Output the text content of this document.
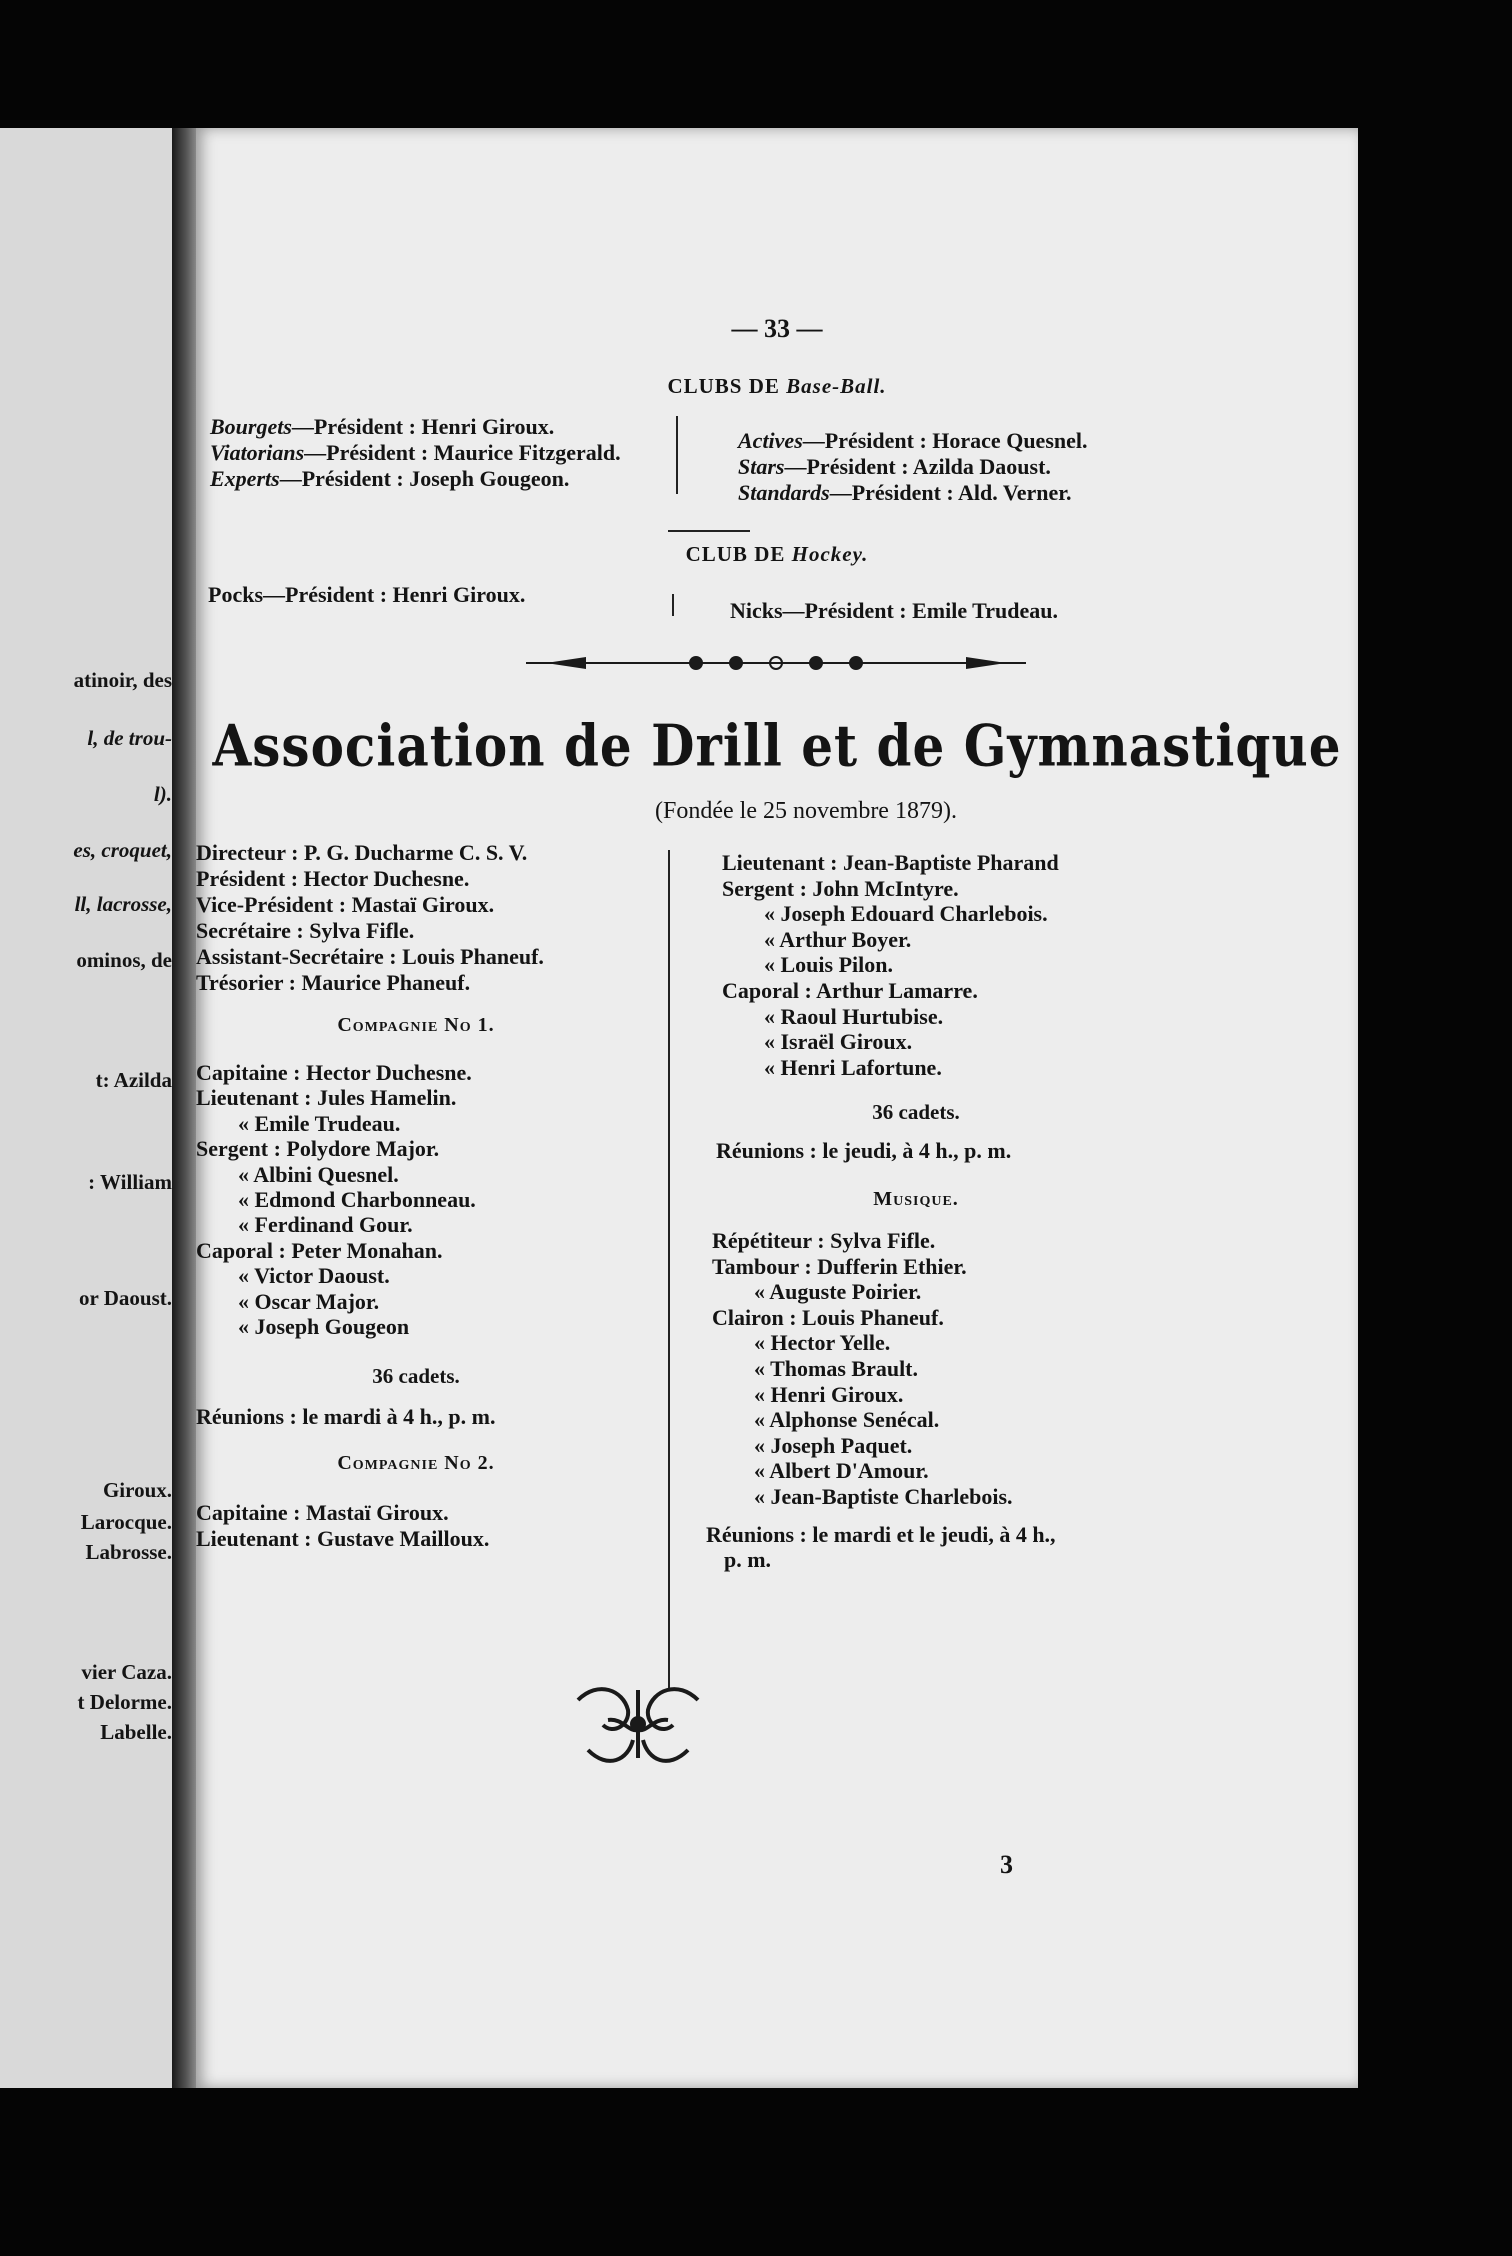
atinoir, des
l, de trou-
l).
es, croquet,
ll, lacrosse,
ominos, de
t: Azilda
: William
or Daoust.
Giroux.
Larocque.
Labrosse.
vier Caza.
t Delorme.
Labelle.
— 33 —
CLUBS DE Base-Ball.
Bourgets—Président : Henri Giroux.
Viatorians—Président : Maurice Fitzgerald.
Experts—Président : Joseph Gougeon.
Actives—Président : Horace Quesnel.
Stars—Président : Azilda Daoust.
Standards—Président : Ald. Verner.
CLUB DE Hockey.
Pocks—Président : Henri Giroux.
Nicks—Président : Emile Trudeau.
Association de Drill et de Gymnastique
(Fondée le 25 novembre 1879).
Directeur : P. G. Ducharme C. S. V.
Président : Hector Duchesne.
Vice-Président : Mastaï Giroux.
Secrétaire : Sylva Fifle.
Assistant-Secrétaire : Louis Phaneuf.
Trésorier : Maurice Phaneuf.
Compagnie No 1.
Capitaine : Hector Duchesne.
Lieutenant : Jules Hamelin.
« Emile Trudeau.
Sergent : Polydore Major.
« Albini Quesnel.
« Edmond Charbonneau.
« Ferdinand Gour.
Caporal : Peter Monahan.
« Victor Daoust.
« Oscar Major.
« Joseph Gougeon
36 cadets.
Réunions : le mardi à 4 h., p. m.
Compagnie No 2.
Capitaine : Mastaï Giroux.
Lieutenant : Gustave Mailloux.
Lieutenant : Jean-Baptiste Pharand
Sergent : John McIntyre.
« Joseph Edouard Charlebois.
« Arthur Boyer.
« Louis Pilon.
Caporal : Arthur Lamarre.
« Raoul Hurtubise.
« Israël Giroux.
« Henri Lafortune.
36 cadets.
Réunions : le jeudi, à 4 h., p. m.
Musique.
Répétiteur : Sylva Fifle.
Tambour : Dufferin Ethier.
« Auguste Poirier.
Clairon : Louis Phaneuf.
« Hector Yelle.
« Thomas Brault.
« Henri Giroux.
« Alphonse Senécal.
« Joseph Paquet.
« Albert D'Amour.
« Jean-Baptiste Charlebois.
Réunions : le mardi et le jeudi, à 4 h.,
p. m.
3
